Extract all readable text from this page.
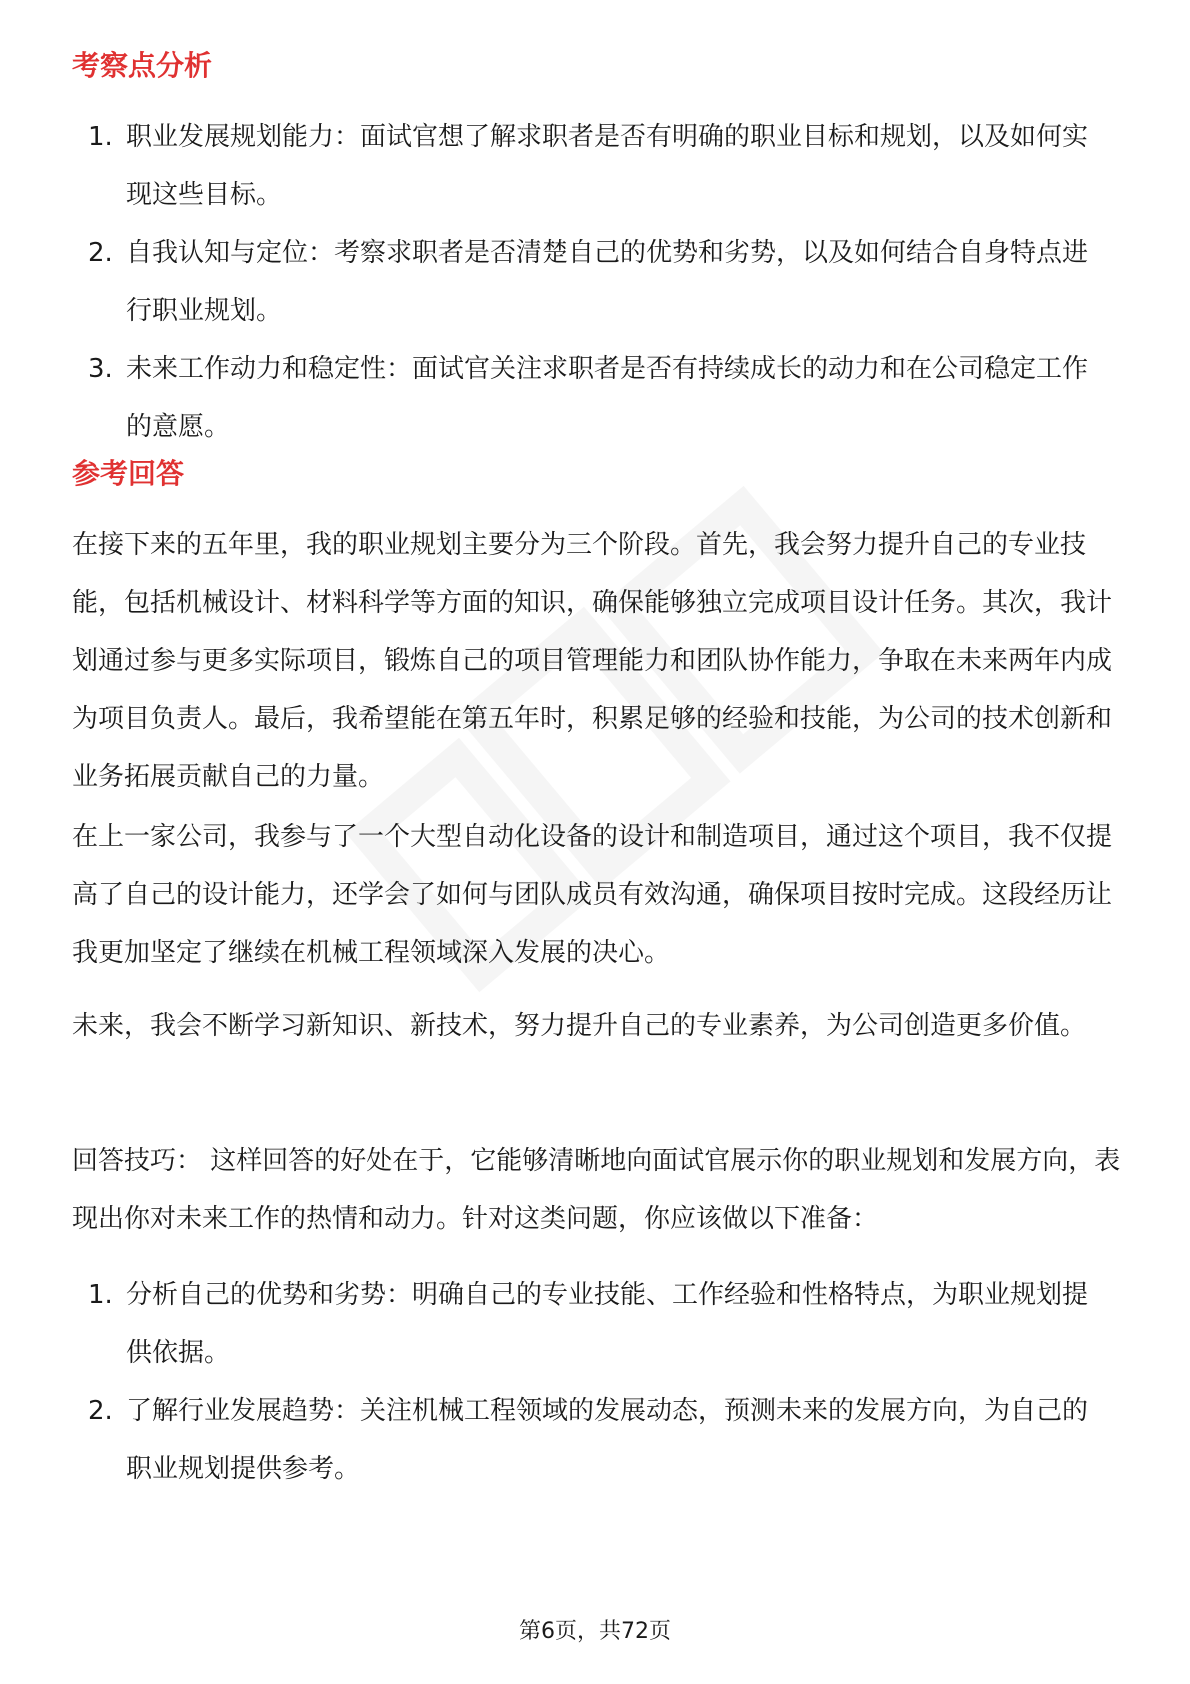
考察点分析
1. 职业发展规划能力：面试官想了解求职者是否有明确的职业目标和规划，以及如何实现这些目标。
2. 自我认知与定位：考察求职者是否清楚自己的优势和劣势，以及如何结合自身特点进行职业规划。
3. 未来工作动力和稳定性：面试官关注求职者是否有持续成长的动力和在公司稳定工作的意愿。
参考回答

在接下来的五年里，我的职业规划主要分为三个阶段。首先，我会努力提升自己的专业技能，包括机械设计、材料科学等方面的知识，确保能够独立完成项目设计任务。其次，我计划通过参与更多实际项目，锻炼自己的项目管理能力和团队协作能力，争取在未来两年内成为项目负责人。最后，我希望能在第五年时，积累足够的经验和技能，为公司的技术创新和业务拓展贡献自己的力量。

在上一家公司，我参与了一个大型自动化设备的设计和制造项目，通过这个项目，我不仅提高了自己的设计能力，还学会了如何与团队成员有效沟通，确保项目按时完成。这段经历让我更加坚定了继续在机械工程领域深入发展的决心。

未来，我会不断学习新知识、新技术，努力提升自己的专业素养，为公司创造更多价值。

回答技巧： 这样回答的好处在于，它能够清晰地向面试官展示你的职业规划和发展方向，表现出你对未来工作的热情和动力。针对这类问题，你应该做以下准备：

1. 分析自己的优势和劣势：明确自己的专业技能、工作经验和性格特点，为职业规划提供依据。
2. 了解行业发展趋势：关注机械工程领域的发展动态，预测未来的发展方向，为自己的职业规划提供参考。
第6页，共72页
